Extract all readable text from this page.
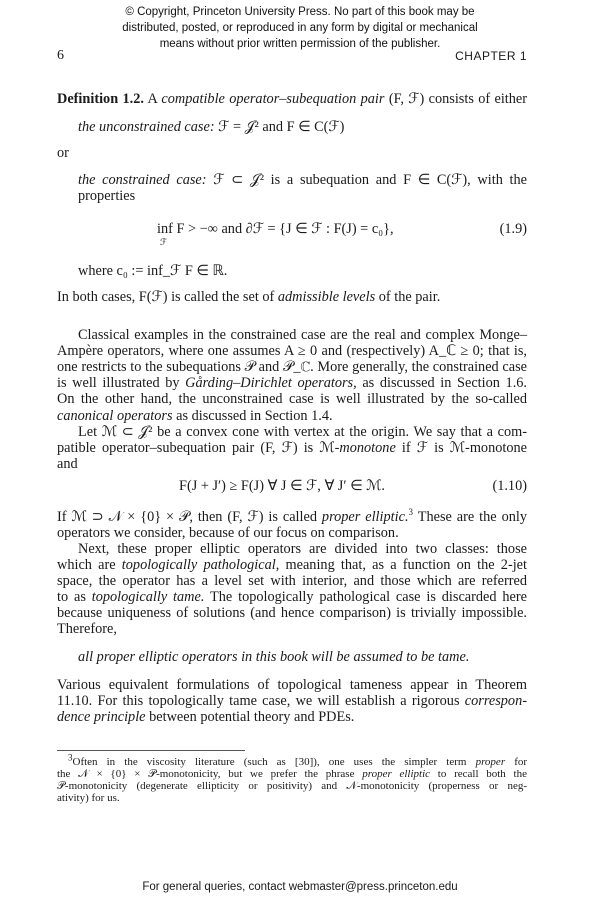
© Copyright, Princeton University Press. No part of this book may be
distributed, posted, or reproduced in any form by digital or mechanical
means without prior written permission of the publisher.
6	CHAPTER 1
Definition 1.2. A compatible operator–subequation pair (F, ℱ) consists of either
the unconstrained case: ℱ = 𝒥² and F ∈ C(ℱ)
or
the constrained case: ℱ ⊂ 𝒥² is a subequation and F ∈ C(ℱ), with the
properties
inf F > −∞ and ∂ℱ = {J ∈ ℱ : F(J) = c₀},
ℱ
(1.9)
where c₀ := inf_ℱ F ∈ ℝ.
In both cases, F(ℱ) is called the set of admissible levels of the pair.
Classical examples in the constrained case are the real and complex Monge–
Ampère operators, where one assumes A ≥ 0 and (respectively) A_ℂ ≥ 0; that is,
one restricts to the subequations 𝒫 and 𝒫_ℂ. More generally, the constrained case
is well illustrated by Gårding–Dirichlet operators, as discussed in Section 1.6.
On the other hand, the unconstrained case is well illustrated by the so-called
canonical operators as discussed in Section 1.4.
Let ℳ ⊂ 𝒥² be a convex cone with vertex at the origin. We say that a com-
patible operator–subequation pair (F, ℱ) is ℳ-monotone if ℱ is ℳ-monotone
and
F(J + J′) ≥ F(J) ∀ J ∈ ℱ, ∀ J′ ∈ ℳ.	(1.10)
If ℳ ⊃ 𝒩 × {0} × 𝒫, then (F, ℱ) is called proper elliptic.$^3$ These are the only
operators we consider, because of our focus on comparison.
Next, these proper elliptic operators are divided into two classes: those
which are topologically pathological, meaning that, as a function on the 2-jet
space, the operator has a level set with interior, and those which are referred
to as topologically tame. The topologically pathological case is discarded here
because uniqueness of solutions (and hence comparison) is trivially impossible.
Therefore,
all proper elliptic operators in this book will be assumed to be tame.
Various equivalent formulations of topological tameness appear in Theorem
11.10. For this topologically tame case, we will establish a rigorous correspon-
dence principle between potential theory and PDEs.
$^3$Often in the viscosity literature (such as [30]), one uses the simpler term proper for
the 𝒩 × {0} × 𝒫-monotonicity, but we prefer the phrase proper elliptic to recall both the
𝒫-monotonicity (degenerate ellipticity or positivity) and 𝒩-monotonicity (properness or neg-
ativity) for us.
For general queries, contact webmaster@press.princeton.edu
